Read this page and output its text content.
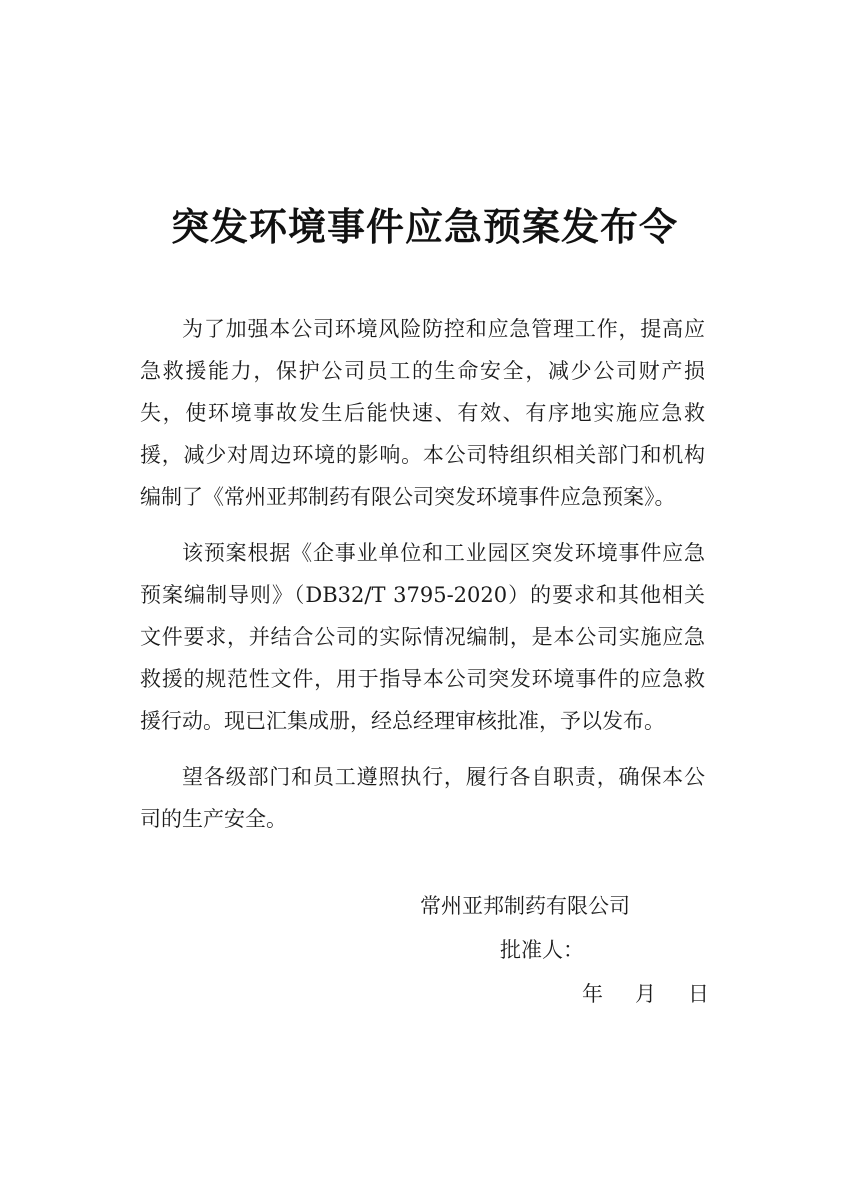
突发环境事件应急预案发布令

为了加强本公司环境风险防控和应急管理工作，提高应急救援能力，保护公司员工的生命安全，减少公司财产损失，使环境事故发生后能快速、有效、有序地实施应急救援，减少对周边环境的影响。本公司特组织相关部门和机构编制了《常州亚邦制药有限公司突发环境事件应急预案》。

该预案根据《企事业单位和工业园区突发环境事件应急预案编制导则》（DB32/T 3795-2020）的要求和其他相关文件要求，并结合公司的实际情况编制，是本公司实施应急救援的规范性文件，用于指导本公司突发环境事件的应急救援行动。现已汇集成册，经总经理审核批准，予以发布。

望各级部门和员工遵照执行，履行各自职责，确保本公司的生产安全。

常州亚邦制药有限公司
批准人：
年 月 日
